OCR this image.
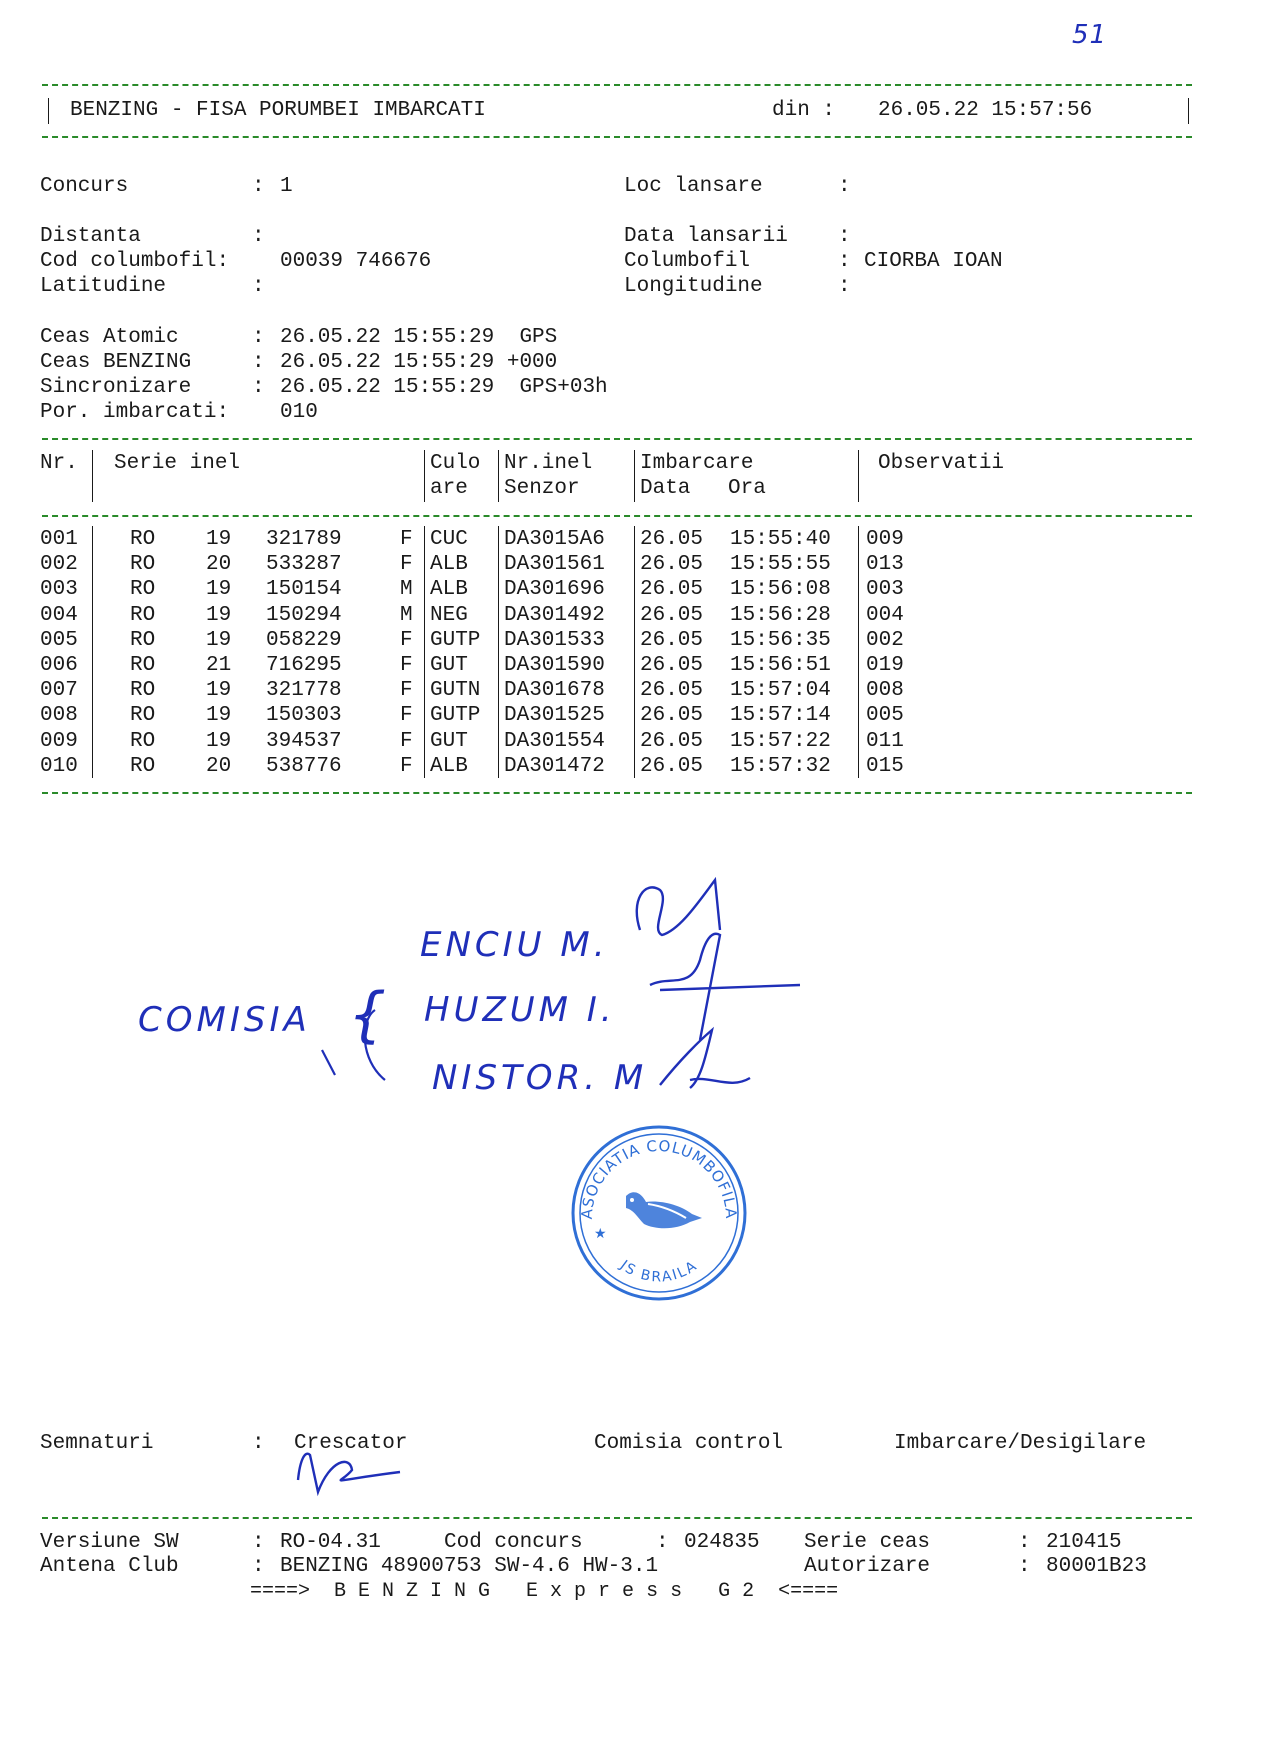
51
BENZING - FISA PORUMBEI IMBARCATI	din : 26.05.22 15:57:56
Concurs	: 1
Distanta	:
Cod columbofil: 00039 746676
Latitudine	:
Loc lansare	:
Data lansarii :
Columbofil	: CIORBA IOAN
Longitudine	:
Ceas Atomic	: 26.05.22 15:55:29  GPS
Ceas BENZING	: 26.05.22 15:55:29 +000
Sincronizare	: 26.05.22 15:55:29  GPS+03h
Por. imbarcati: 010
Nr. Serie inel	Culo
are
Nr.inel
Senzor
Imbarcare
Data Ora
Observatii
001 RO 19 321789	F CUC DA3015A6 26.05 15:55:40 009
002 RO 20 533287	F ALB DA301561 26.05 15:55:55 013
003 RO 19 150154	M ALB DA301696 26.05 15:56:08 003
004 RO 19 150294	M NEG DA301492 26.05 15:56:28 004
005 RO 19 058229	F GUTP DA301533 26.05 15:56:35 002
006 RO 21 716295	F GUT DA301590 26.05 15:56:51 019
007 RO 19 321778	F GUTN DA301678 26.05 15:57:04 008
008 RO 19 150303	F GUTP DA301525 26.05 15:57:14 005
009 RO 19 394537	F GUT DA301554 26.05 15:57:22 011
010 RO 20 538776	F ALB DA301472 26.05 15:57:32 015
COMISIA {
ENCIU M.
HUZUM I.
NISTOR. M
ASOCIATIA COLUMBOFILA
JS BRAILA
★
Semnaturi	: Crescator	Comisia control	Imbarcare/Desigilare
Versiune SW	: RO-04.31	Cod concurs	: 024835 Serie ceas	: 210415
Antena Club	: BENZING 48900753 SW-4.6 HW-3.1	Autorizare	: 80001B23
====>  B E N Z I N G   E x p r e s s   G 2  <====
